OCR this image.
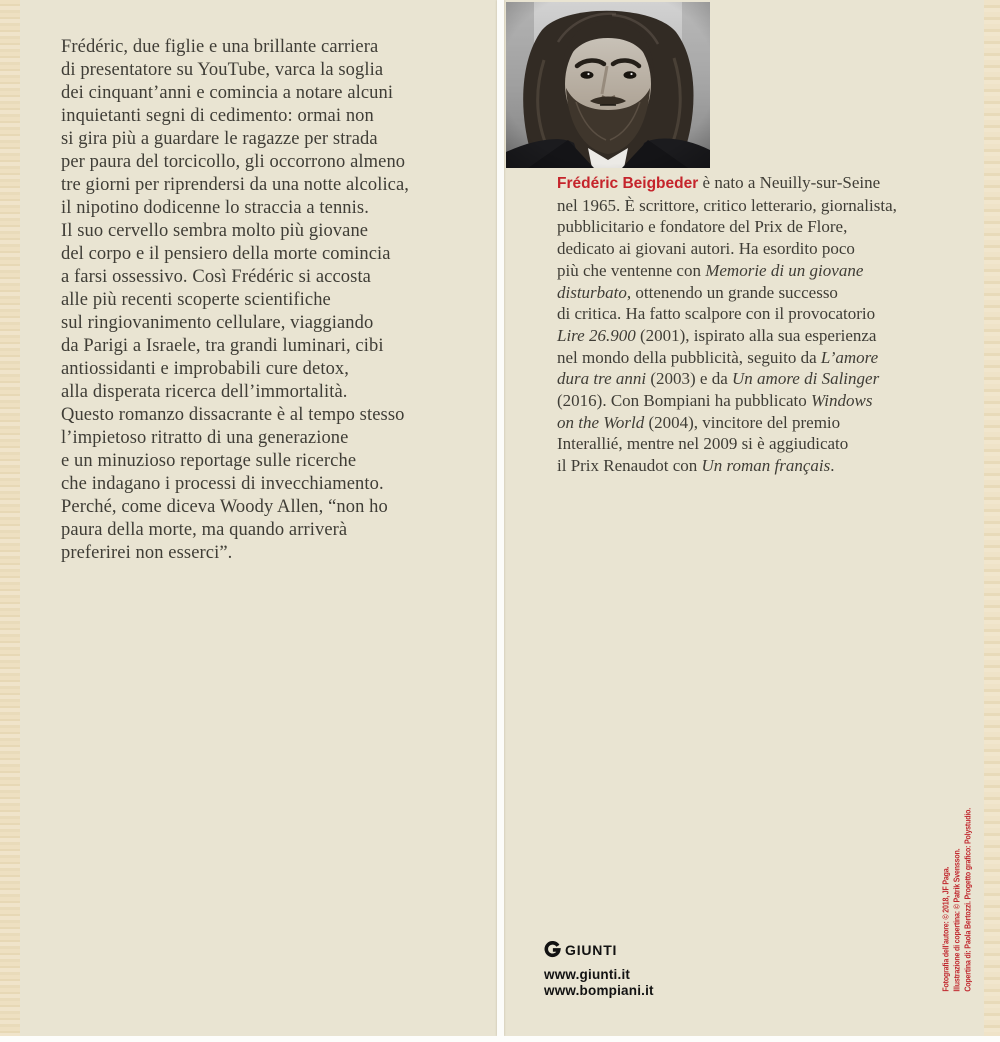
Frédéric, due figlie e una brillante carriera
di presentatore su YouTube, varca la soglia
dei cinquant’anni e comincia a notare alcuni
inquietanti segni di cedimento: ormai non
si gira più a guardare le ragazze per strada
per paura del torcicollo, gli occorrono almeno
tre giorni per riprendersi da una notte alcolica,
il nipotino dodicenne lo straccia a tennis.
Il suo cervello sembra molto più giovane
del corpo e il pensiero della morte comincia
a farsi ossessivo. Così Frédéric si accosta
alle più recenti scoperte scientifiche
sul ringiovanimento cellulare, viaggiando
da Parigi a Israele, tra grandi luminari, cibi
antiossidanti e improbabili cure detox,
alla disperata ricerca dell’immortalità.
Questo romanzo dissacrante è al tempo stesso
l’impietoso ritratto di una generazione
e un minuzioso reportage sulle ricerche
che indagano i processi di invecchiamento.
Perché, come diceva Woody Allen, “non ho
paura della morte, ma quando arriverà
preferirei non esserci”.

Frédéric Beigbeder è nato a Neuilly-sur-Seine
nel 1965. È scrittore, critico letterario, giornalista,
pubblicitario e fondatore del Prix de Flore,
dedicato ai giovani autori. Ha esordito poco
più che ventenne con Memorie di un giovane
disturbato, ottenendo un grande successo
di critica. Ha fatto scalpore con il provocatorio
Lire 26.900 (2001), ispirato alla sua esperienza
nel mondo della pubblicità, seguito da L’amore
dura tre anni (2003) e da Un amore di Salinger
(2016). Con Bompiani ha pubblicato Windows
on the World (2004), vincitore del premio
Interallié, mentre nel 2009 si è aggiudicato
il Prix Renaudot con Un roman français.

GIUNTI
www.giunti.it
www.bompiani.it	Fotografia dell’autore: © 2018, JF Paga. Illustrazione di copertina: © Patrik Svensson. Copertina di: Paola Bertozzi. Progetto grafico: Polystudio.
